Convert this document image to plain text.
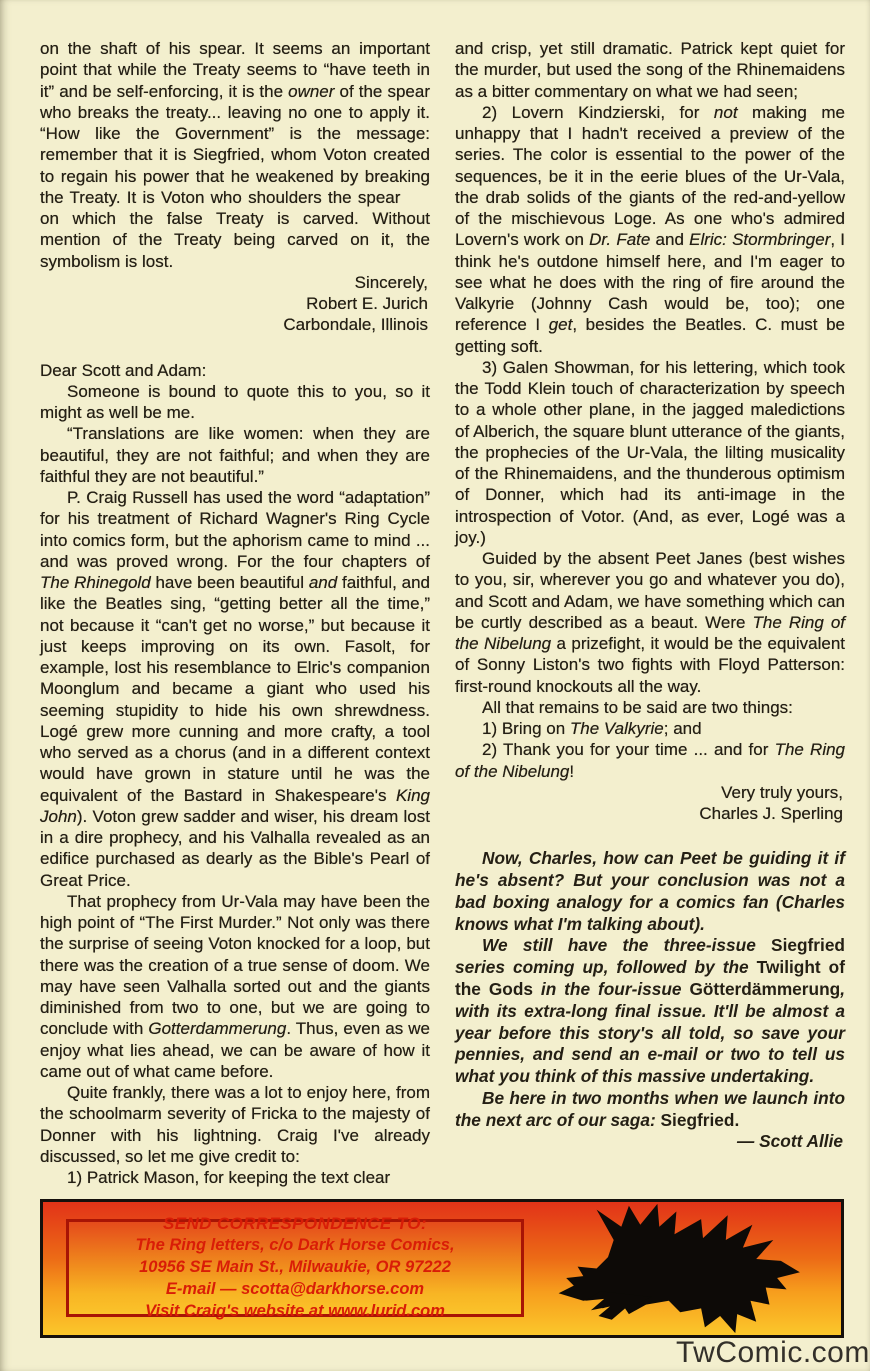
on the shaft of his spear. It seems an important point that while the Treaty seems to “have teeth in it” and be self-enforcing, it is the owner of the spear who breaks the treaty... leaving no one to apply it. “How like the Government” is the message: remember that it is Siegfried, whom Voton created to regain his power that he weakened by breaking the Treaty. It is Voton who shoulders the spear      on which the false Treaty is carved. Without mention of the Treaty being carved on it, the symbolism is lost.
Sincerely,
Robert E. Jurich
Carbondale, Illinois
Dear Scott and Adam:
Someone is bound to quote this to you, so it might as well be me.
“Translations are like women: when they are beautiful, they are not faithful; and when they are faithful they are not beautiful.”
P. Craig Russell has used the word “adaptation” for his treatment of Richard Wagner's Ring Cycle into comics form, but the aphorism came to mind ... and was proved wrong. For the four chapters of The Rhinegold have been beautiful and faithful, and like the Beatles sing, “getting better all the time,” not because it “can't get no worse,” but because it just keeps improving on its own. Fasolt, for example, lost his resemblance to Elric's companion Moonglum and became a giant who used his seeming stupidity to hide his own shrewdness. Logé grew more cunning and more crafty, a tool who served as a chorus (and in a different context would have grown in stature until he was the equivalent of the Bastard in Shakespeare's King John). Voton grew sadder and wiser, his dream lost in a dire prophecy, and his Valhalla revealed as an edifice purchased as dearly as the Bible's Pearl of Great Price.
That prophecy from Ur-Vala may have been the high point of “The First Murder.” Not only was there the surprise of seeing Voton knocked for a loop, but there was the creation of a true sense of doom. We may have seen Valhalla sorted out and the giants diminished from two to one, but we are going to conclude with Gotterdammerung. Thus, even as we enjoy what lies ahead, we can be aware of how it came out of what came before.
Quite frankly, there was a lot to enjoy here, from the schoolmarm severity of Fricka to the majesty of Donner with his lightning. Craig I've already discussed, so let me give credit to:
1) Patrick Mason, for keeping the text clear
and crisp, yet still dramatic. Patrick kept quiet for the murder, but used the song of the Rhinemaidens as a bitter commentary on what we had seen;
2) Lovern Kindzierski, for not making me unhappy that I hadn't received a preview of the series. The color is essential to the power of the sequences, be it in the eerie blues of the Ur-Vala, the drab solids of the giants of the red-and-yellow of the mischievous Loge. As one who's admired Lovern's work on Dr. Fate and Elric: Stormbringer, I think he's outdone himself here, and I'm eager to see what he does with the ring of fire around the Valkyrie (Johnny Cash would be, too); one reference I get, besides the Beatles. C. must be getting soft.
3) Galen Showman, for his lettering, which took the Todd Klein touch of characterization by speech to a whole other plane, in the jagged maledictions of Alberich, the square blunt utterance of the giants, the prophecies of the Ur-Vala, the lilting musicality of the Rhinemaidens, and the thunderous optimism of Donner, which had its anti-image in the introspection of Votor. (And, as ever, Logé was a joy.)
Guided by the absent Peet Janes (best wishes to you, sir, wherever you go and whatever you do), and Scott and Adam, we have something which can be curtly described as a beaut. Were The Ring of the Nibelung a prizefight, it would be the equivalent of Sonny Liston's two fights with Floyd Patterson: first-round knockouts all the way.
All that remains to be said are two things:
1) Bring on The Valkyrie; and
2) Thank you for your time ... and for The Ring of the Nibelung!
Very truly yours,
Charles J. Sperling
Now, Charles, how can Peet be guiding it if he's absent? But your conclusion was not a bad boxing analogy for a comics fan (Charles knows what I'm talking about).
We still have the three-issue Siegfried series coming up, followed by the Twilight of the Gods in the four-issue Götterdämmerung, with its extra-long final issue. It'll be almost a year before this story's all told, so save your pennies, and send an e-mail or two to tell us what you think of this massive undertaking.
Be here in two months when we launch into the next arc of our saga: Siegfried.
— Scott Allie
SEND CORRESPONDENCE TO:
The Ring letters, c/o Dark Horse Comics,
10956 SE Main St., Milwaukie, OR 97222
E-mail — scotta@darkhorse.com
Visit Craig's website at www.lurid.com
TwComic.com
